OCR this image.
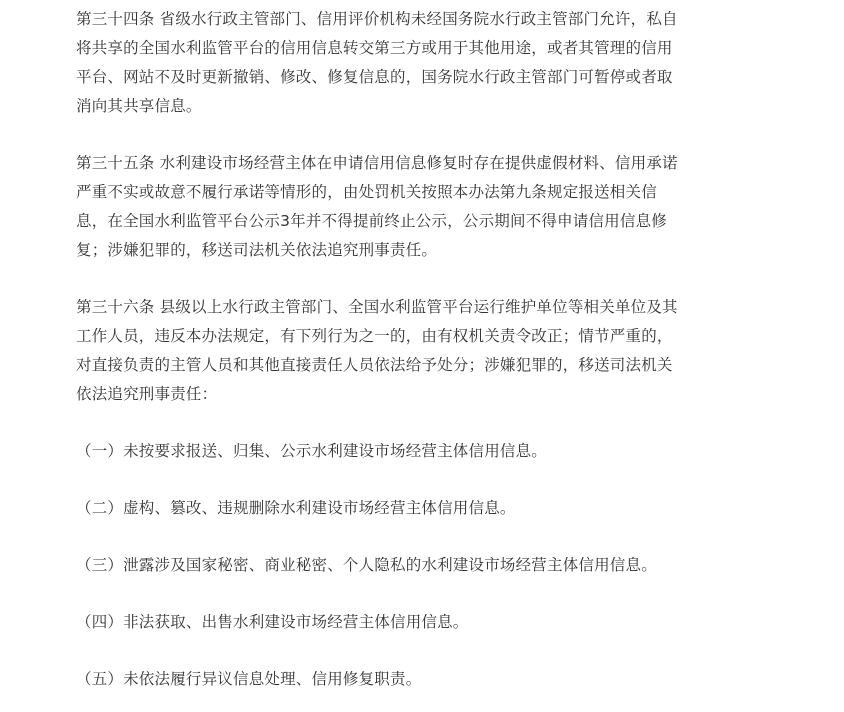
第三十四条 省级水行政主管部门、信用评价机构未经国务院水行政主管部门允许，私自
将共享的全国水利监管平台的信用信息转交第三方或用于其他用途，或者其管理的信用
平台、网站不及时更新撤销、修改、修复信息的，国务院水行政主管部门可暂停或者取
消向其共享信息。
第三十五条 水利建设市场经营主体在申请信用信息修复时存在提供虚假材料、信用承诺
严重不实或故意不履行承诺等情形的，由处罚机关按照本办法第九条规定报送相关信
息，在全国水利监管平台公示3年并不得提前终止公示，公示期间不得申请信用信息修
复；涉嫌犯罪的，移送司法机关依法追究刑事责任。
第三十六条 县级以上水行政主管部门、全国水利监管平台运行维护单位等相关单位及其
工作人员，违反本办法规定，有下列行为之一的，由有权机关责令改正；情节严重的，
对直接负责的主管人员和其他直接责任人员依法给予处分；涉嫌犯罪的，移送司法机关
依法追究刑事责任：
（一）未按要求报送、归集、公示水利建设市场经营主体信用信息。
（二）虚构、篡改、违规删除水利建设市场经营主体信用信息。
（三）泄露涉及国家秘密、商业秘密、个人隐私的水利建设市场经营主体信用信息。
（四）非法获取、出售水利建设市场经营主体信用信息。
（五）未依法履行异议信息处理、信用修复职责。
